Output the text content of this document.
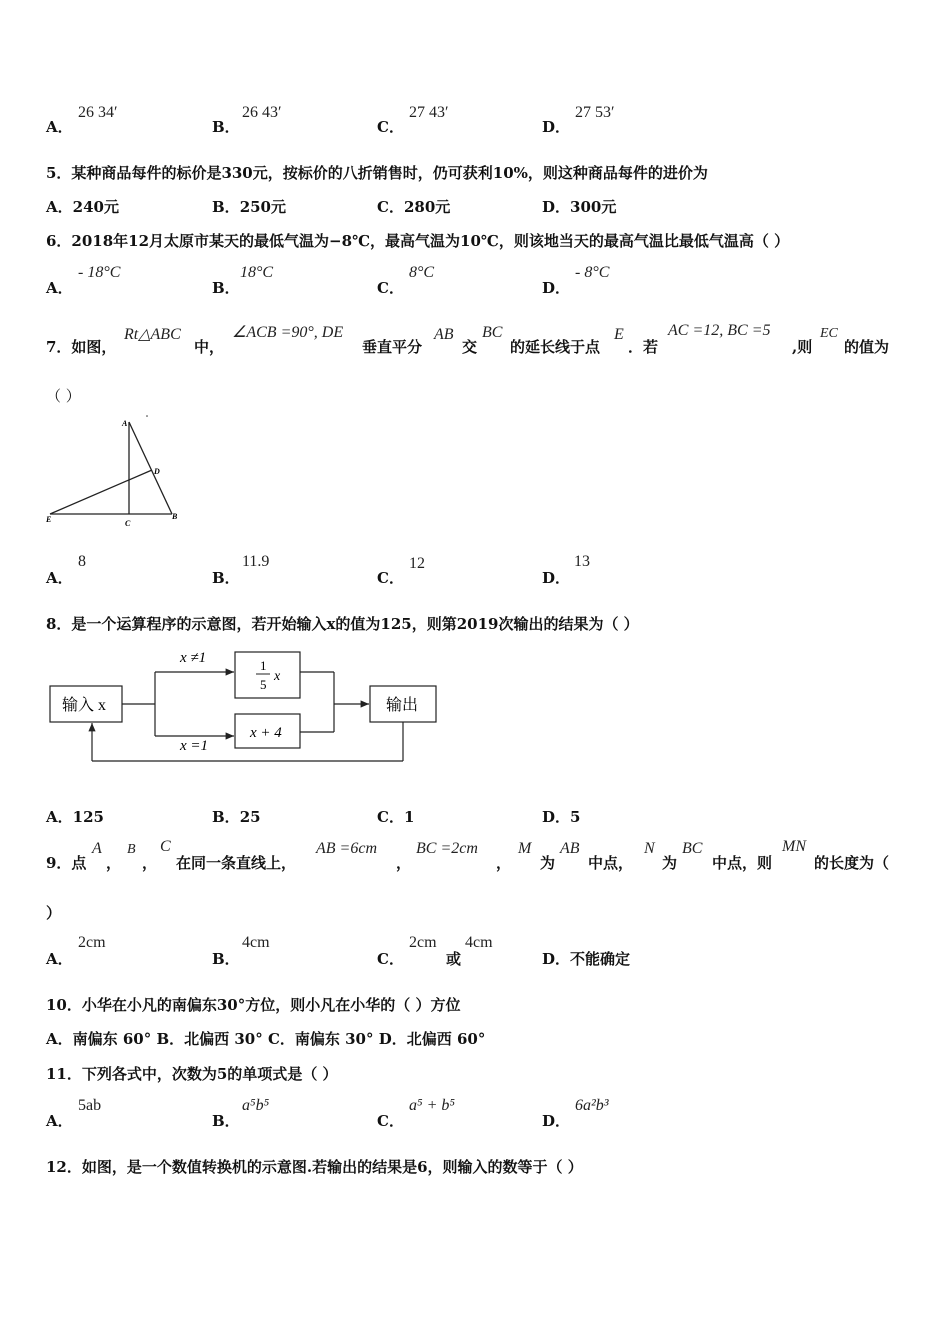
A．
26 34′
B．
26 43′
C．
27 43′
D．
27 53′
5．某种商品每件的标价是330元，按标价的八折销售时，仍可获利10%，则这种商品每件的进价为
A．240元	B．250元	C．280元	D．300元
6．2018年12月太原市某天的最低气温为−8℃，最高气温为10℃，则该地当天的最高气温比最低气温高（ ）
A．
- 18°C
B．
18°C
C．
8°C
D．
- 8°C
7．如图，
Rt△ABC
中，
∠ACB =90°, DE
垂直平分
AB
交
BC
的延长线于点
E
．若
AC =12, BC =5
,则
EC
的值为
（ ）
A
D
E	C
B
A．
8
B．
11.9
C．
12
D．
13
8．是一个运算程序的示意图，若开始输入x的值为125，则第2019次输出的结果为（ ）
输入 x
x ≠1
x =1
1
5
x
x + 4
输出
A．125	B．25	C．1	D．5
9．点
A
，
B
，
C
在同一条直线上，
AB =6cm
，
BC =2cm
，
M
为
AB
中点，
N
为
BC
中点，则
MN
的长度为（
）
A．
2cm
B．
4cm
C．
2cm
或
4cm
D．不能确定
10．小华在小凡的南偏东30°方位，则小凡在小华的（ ）方位
A．南偏东 60° B．北偏西 30° C．南偏东 30° D．北偏西 60°
11．下列各式中，次数为5的单项式是（ ）
A．
5ab
B．
a⁵b⁵
C．
a⁵ + b⁵
D．
6a²b³
12．如图，是一个数值转换机的示意图.若输出的结果是6，则输入的数等于（ ）
